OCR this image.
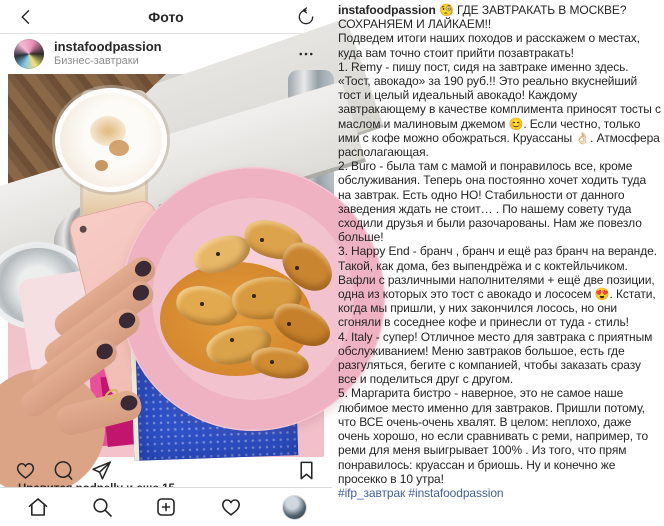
Фото
instafoodpassion
Бизнес-завтраки

instafoodpassion 🧐 ГДЕ ЗАВТРАКАТЬ В МОСКВЕ? СОХРАНЯЕМ И ЛАЙКАЕМ!!

Подведем итоги наших походов и расскажем о местах, куда вам точно стоит прийти позавтракать!

1. Remy - пишу пост, сидя на завтраке именно здесь. «Тост, авокадо» за 190 руб.!! Это реально вкуснейший тост и целый идеальный авокадо! Каждому завтракающему в качестве комплимента приносят тосты с маслом и малиновым джемом 😊. Если честно, только ими с кофе можно обожраться. Круассаны 👌🏻. Атмосфера располагающая.

2. Buro - была там с мамой и понравилось все, кроме обслуживания. Теперь она постоянно хочет ходить туда на завтрак. Есть одно НО! Стабильности от данного заведения ждать не стоит… . По нашему совету туда сходили друзья и были разочарованы. Нам же повезло больше!

3. Happy End - бранч , бранч и ещё раз бранч на веранде. Такой, как дома, без выпендрёжа и с коктейльчиком. Вафли с различными наполнителями + ещё две позиции, одна из которых это тост с авокадо и лососем 😍. Кстати, когда мы пришли, у них закончился лосось, но они сгоняли в соседнее кофе и принесли от туда - стиль!

4. Italy - супер! Отличное место для завтрака с приятным обслуживанием! Меню завтраков большое, есть где разгуляться, бегите с компанией, чтобы заказать сразу все и поделиться друг с другом.

5. Маргарита бистро - наверное, это не самое наше любимое место именно для завтраков. Пришли потому, что ВСЕ очень-очень хвалят. В целом: неплохо, даже очень хорошо, но если сравнивать с реми, например, то реми для меня выигрывает 100% . Из того, что прям понравилось: круассан и бриошь. Ну и конечно же просекко в 10 утра!

#ifp_завтрак #instafoodpassion
